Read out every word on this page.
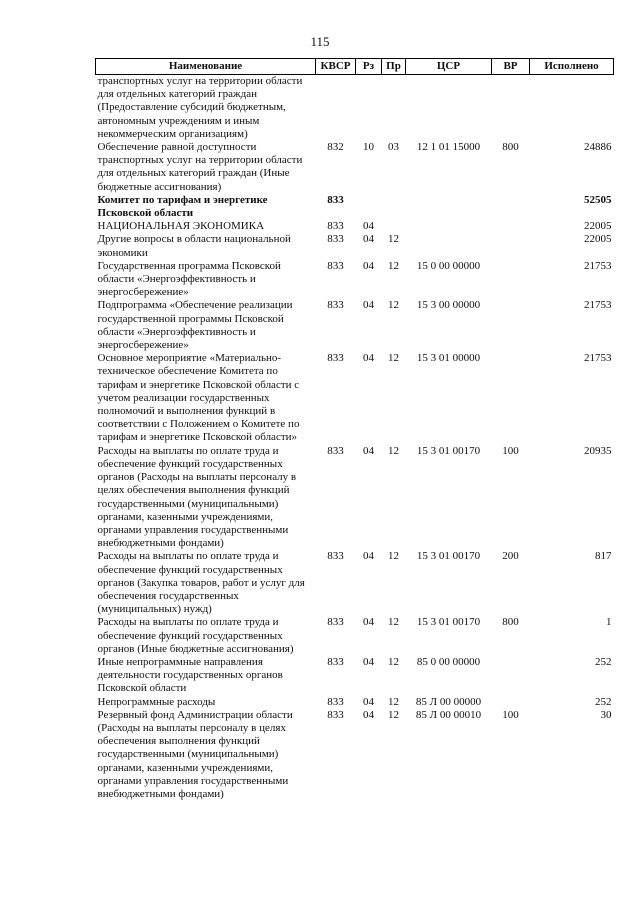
115
Наименование	КВСР	Рз	Пр	ЦСР	ВР	Исполнено
транспортных услуг на территории области для отдельных категорий граждан (Предоставление субсидий бюджетным, автономным учреждениям и иным некоммерческим организациям)						
Обеспечение равной доступности транспортных услуг на территории области для отдельных категорий граждан (Иные бюджетные ассигнования)	832	10	03	12 1 01 15000	800	24886
Комитет по тарифам и энергетике Псковской области	833					52505
НАЦИОНАЛЬНАЯ ЭКОНОМИКА	833	04				22005
Другие вопросы в области национальной экономики	833	04	12			22005
Государственная программа Псковской области «Энергоэффективность и энергосбережение»	833	04	12	15 0 00 00000		21753
Подпрограмма «Обеспечение реализации государственной программы Псковской области «Энергоэффективность и энергосбережение»	833	04	12	15 3 00 00000		21753
Основное мероприятие «Материально-техническое обеспечение Комитета по тарифам и энергетике Псковской области с учетом реализации государственных полномочий и выполнения функций в соответствии с Положением о Комитете по тарифам и энергетике Псковской области»	833	04	12	15 3 01 00000		21753
Расходы на выплаты по оплате труда и обеспечение функций государственных органов (Расходы на выплаты персоналу в целях обеспечения выполнения функций государственными (муниципальными) органами, казенными учреждениями, органами управления государственными внебюджетными фондами)	833	04	12	15 3 01 00170	100	20935
Расходы на выплаты по оплате труда и обеспечение функций государственных органов (Закупка товаров, работ и услуг для обеспечения государственных (муниципальных) нужд)	833	04	12	15 3 01 00170	200	817
Расходы на выплаты по оплате труда и обеспечение функций государственных органов (Иные бюджетные ассигнования)	833	04	12	15 3 01 00170	800	1
Иные непрограммные направления деятельности государственных органов Псковской области	833	04	12	85 0 00 00000		252
Непрограммные расходы	833	04	12	85 Л 00 00000		252
Резервный фонд Администрации области (Расходы на выплаты персоналу в целях обеспечения выполнения функций государственными (муниципальными) органами, казенными учреждениями, органами управления государственными внебюджетными фондами)	833	04	12	85 Л 00 00010	100	30
